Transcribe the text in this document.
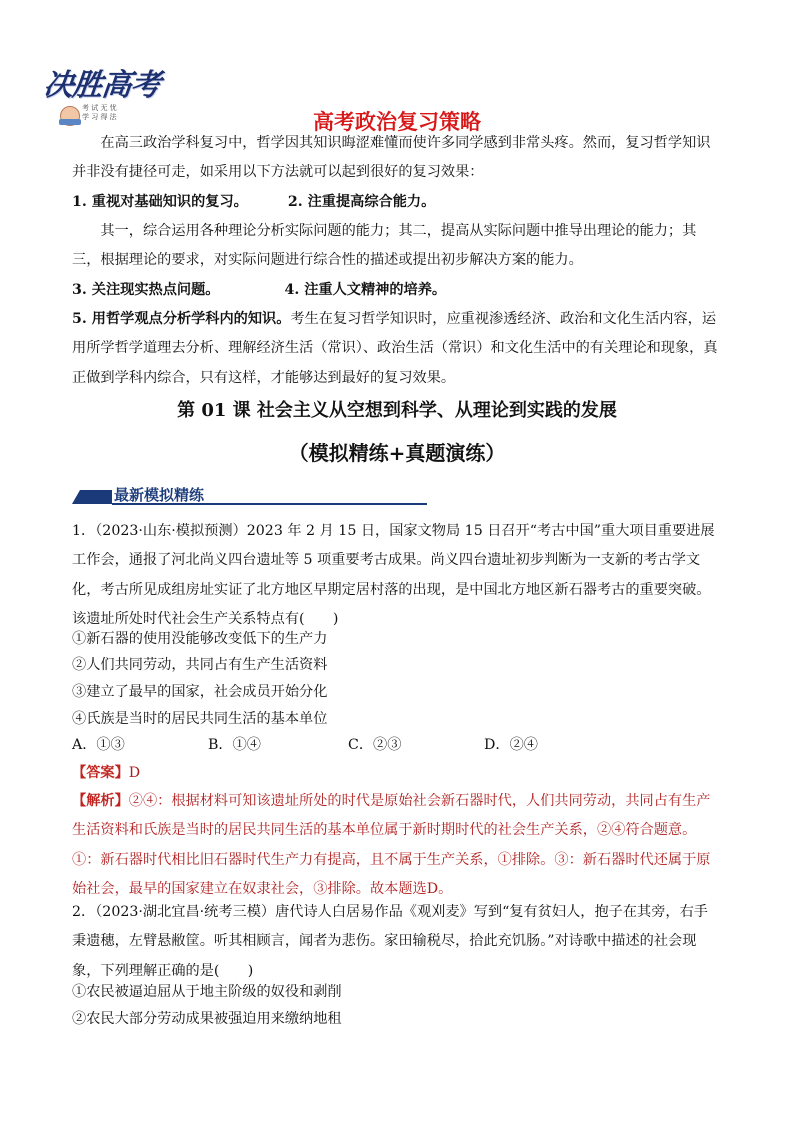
决胜高考
考 试 无 忧
学 习 得 法	高考政治复习策略

在高三政治学科复习中，哲学因其知识晦涩难懂而使许多同学感到非常头疼。然而，复习哲学知识并非没有捷径可走，如采用以下方法就可以起到很好的复习效果：

1. 重视对基础知识的复习。	2. 注重提高综合能力。

其一，综合运用各种理论分析实际问题的能力；其二，提高从实际问题中推导出理论的能力；其三，根据理论的要求，对实际问题进行综合性的描述或提出初步解决方案的能力。

3. 关注现实热点问题。	4. 注重人文精神的培养。

5. 用哲学观点分析学科内的知识。考生在复习哲学知识时，应重视渗透经济、政治和文化生活内容，运用所学哲学道理去分析、理解经济生活（常识）、政治生活（常识）和文化生活中的有关理论和现象，真正做到学科内综合，只有这样，才能够达到最好的复习效果。

第 01 课 社会主义从空想到科学、从理论到实践的发展
（模拟精练+真题演练）
最新模拟精练

1．（2023·山东·模拟预测）2023 年 2 月 15 日，国家文物局 15 日召开“考古中国”重大项目重要进展工作会，通报了河北尚义四台遗址等 5 项重要考古成果。尚义四台遗址初步判断为一支新的考古学文化，考古所见成组房址实证了北方地区早期定居村落的出现，是中国北方地区新石器考古的重要突破。该遗址所处时代社会生产关系特点有(　　)

①新石器的使用没能够改变低下的生产力

②人们共同劳动，共同占有生产生活资料

③建立了最早的国家，社会成员开始分化

④氏族是当时的居民共同生活的基本单位

A．①③	B．①④	C．②③	D．②④

【答案】D

【解析】②④：根据材料可知该遗址所处的时代是原始社会新石器时代，人们共同劳动，共同占有生产生活资料和氏族是当时的居民共同生活的基本单位属于新时期时代的社会生产关系，②④符合题意。①：新石器时代相比旧石器时代生产力有提高，且不属于生产关系，①排除。③：新石器时代还属于原始社会，最早的国家建立在奴隶社会，③排除。故本题选D。

2．（2023·湖北宜昌·统考三模）唐代诗人白居易作品《观刈麦》写到“复有贫妇人，抱子在其旁，右手秉遗穗，左臂悬敝筐。听其相顾言，闻者为悲伤。家田输税尽，拾此充饥肠。”对诗歌中描述的社会现象，下列理解正确的是(　　)

①农民被逼迫屈从于地主阶级的奴役和剥削

②农民大部分劳动成果被强迫用来缴纳地租
